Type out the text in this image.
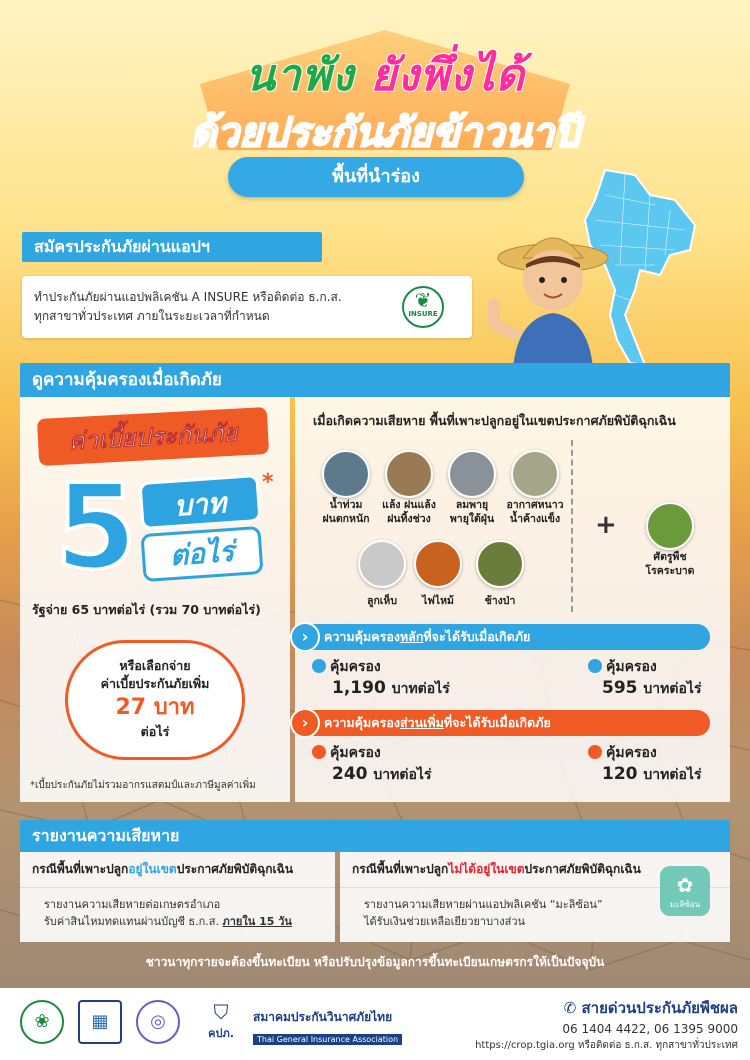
นาพัง ยังพึ่งได้
ด้วยประกันภัยข้าวนาปี
พื้นที่นำร่อง
สมัครประกันภัยผ่านแอปฯ

ทำประกันภัยผ่านแอปพลิเคชัน A INSURE หรือติดต่อ ธ.ก.ส.

ทุกสาขาทั่วประเทศ ภายในระยะเวลาที่กำหนด

❦
INSURE
ดูความคุ้มครองเมื่อเกิดภัย
ค่าเบี้ยประกันภัย
5	บาท
ต่อไร่
*
รัฐจ่าย 65 บาทต่อไร่ (รวม 70 บาทต่อไร่)
หรือเลือกจ่าย
ค่าเบี้ยประกันภัยเพิ่ม
27 บาท
ต่อไร่
*เบี้ยประกันภัยไม่รวมอากรแสตมป์และภาษีมูลค่าเพิ่ม
เมื่อเกิดความเสียหาย พื้นที่เพาะปลูกอยู่ในเขตประกาศภัยพิบัติฉุกเฉิน
น้ำท่วม
ฝนตกหนัก
แล้ง ฝนแล้ง
ฝนทิ้งช่วง
ลมพายุ
พายุใต้ฝุ่น
อากาศหนาว
น้ำค้างแข็ง
ลูกเห็บ	ไฟไหม้	ช้างป่า
+
ศัตรูพืช
โรคระบาด
›	ความคุ้มครองหลักที่จะได้รับเมื่อเกิดภัย
คุ้มครอง
1,190 บาทต่อไร่
คุ้มครอง
595 บาทต่อไร่
›	ความคุ้มครองส่วนเพิ่มที่จะได้รับเมื่อเกิดภัย
คุ้มครอง
240 บาทต่อไร่
คุ้มครอง
120 บาทต่อไร่
รายงานความเสียหาย
กรณีพื้นที่เพาะปลูกอยู่ในเขตประกาศภัยพิบัติฉุกเฉิน
รายงานความเสียหายต่อเกษตรอำเภอ
รับค่าสินไหมทดแทนผ่านบัญชี ธ.ก.ส. ภายใน 15 วัน
กรณีพื้นที่เพาะปลูกไม่ได้อยู่ในเขตประกาศภัยพิบัติฉุกเฉิน
รายงานความเสียหายผ่านแอปพลิเคชัน “มะลิซ้อน”
ได้รับเงินช่วยเหลือเยียวยาบางส่วน
✿
มะลิซ้อน
ชาวนาทุกรายจะต้องขึ้นทะเบียน หรือปรับปรุงข้อมูลการขึ้นทะเบียนเกษตรกรให้เป็นปัจจุบัน
❀	▦	◎	⛉
คปภ.
สมาคมประกันวินาศภัยไทย
Thai General Insurance Association
✆ สายด่วนประกันภัยพืชผล
06 1404 4422, 06 1395 9000
https://crop.tgia.org หรือติดต่อ ธ.ก.ส. ทุกสาขาทั่วประเทศ
